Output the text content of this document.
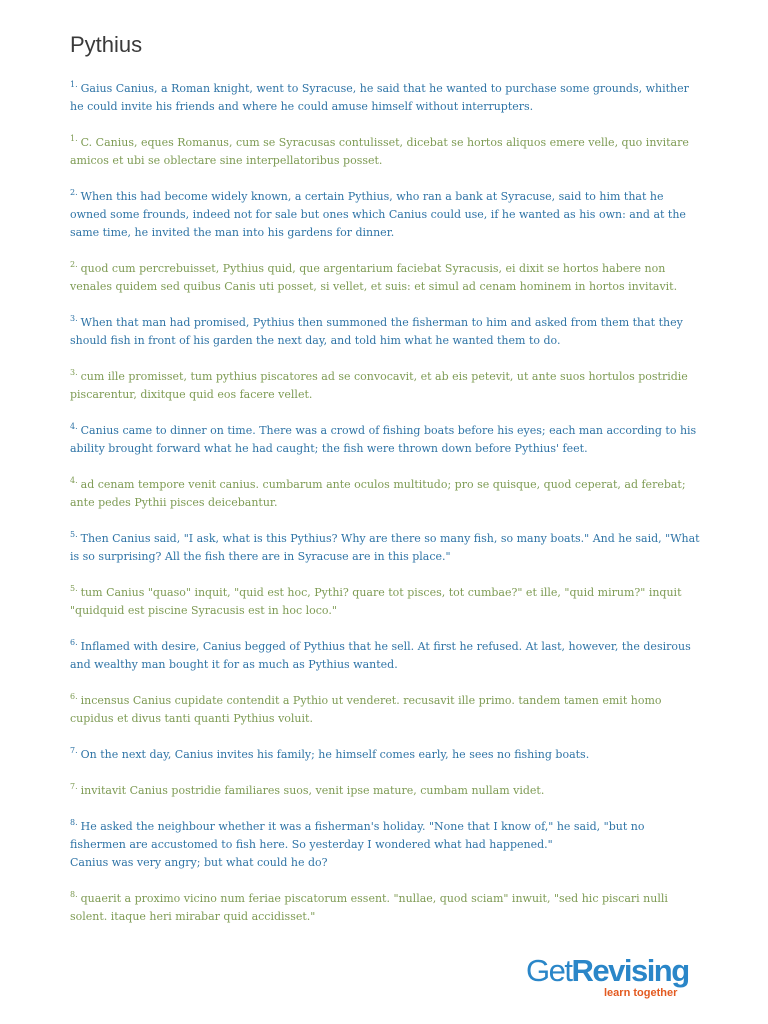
Pythius

$^{1.}$ Gaius Canius, a Roman knight, went to Syracuse, he said that he wanted to purchase some grounds, whither he could invite his friends and where he could amuse himself without interrupters.

$^{1.}$ C. Canius, eques Romanus, cum se Syracusas contulisset, dicebat se hortos aliquos emere velle, quo invitare amicos et ubi se oblectare sine interpellatoribus posset.

$^{2.}$ When this had become widely known, a certain Pythius, who ran a bank at Syracuse, said to him that he owned some frounds, indeed not for sale but ones which Canius could use, if he wanted as his own: and at the same time, he invited the man into his gardens for dinner.

$^{2.}$ quod cum percrebuisset, Pythius quid, que argentarium faciebat Syracusis, ei dixit se hortos habere non venales quidem sed quibus Canis uti posset, si vellet, et suis: et simul ad cenam hominem in hortos invitavit.

$^{3.}$ When that man had promised, Pythius then summoned the fisherman to him and asked from them that they should fish in front of his garden the next day, and told him what he wanted them to do.

$^{3.}$ cum ille promisset, tum pythius piscatores ad se convocavit, et ab eis petevit, ut ante suos hortulos postridie piscarentur, dixitque quid eos facere vellet.

$^{4.}$ Canius came to dinner on time. There was a crowd of fishing boats before his eyes; each man according to his ability brought forward what he had caught; the fish were thrown down before Pythius' feet.

$^{4.}$ ad cenam tempore venit canius. cumbarum ante oculos multitudo; pro se quisque, quod ceperat, ad ferebat; ante pedes Pythii pisces deicebantur.

$^{5.}$ Then Canius said, "I ask, what is this Pythius? Why are there so many fish, so many boats." And he said, "What is so surprising? All the fish there are in Syracuse are in this place."

$^{5.}$ tum Canius "quaso" inquit, "quid est hoc, Pythi? quare tot pisces, tot cumbae?" et ille, "quid mirum?" inquit "quidquid est piscine Syracusis est in hoc loco."

$^{6.}$ Inflamed with desire, Canius begged of Pythius that he sell. At first he refused. At last, however, the desirous and wealthy man bought it for as much as Pythius wanted.

$^{6.}$ incensus Canius cupidate contendit a Pythio ut venderet. recusavit ille primo. tandem tamen emit homo cupidus et divus tanti quanti Pythius voluit.

$^{7.}$ On the next day, Canius invites his family; he himself comes early, he sees no fishing boats.

$^{7.}$ invitavit Canius postridie familiares suos, venit ipse mature, cumbam nullam videt.

$^{8.}$ He asked the neighbour whether it was a fisherman's holiday. "None that I know of," he said, "but no fishermen are accustomed to fish here. So yesterday I wondered what had happened."
Canius was very angry; but what could he do?

$^{8.}$ quaerit a proximo vicino num feriae piscatorum essent. "nullae, quod sciam" inwuit, "sed hic piscari nulli solent. itaque heri mirabar quid accidisset."

GetRevising
learn together
